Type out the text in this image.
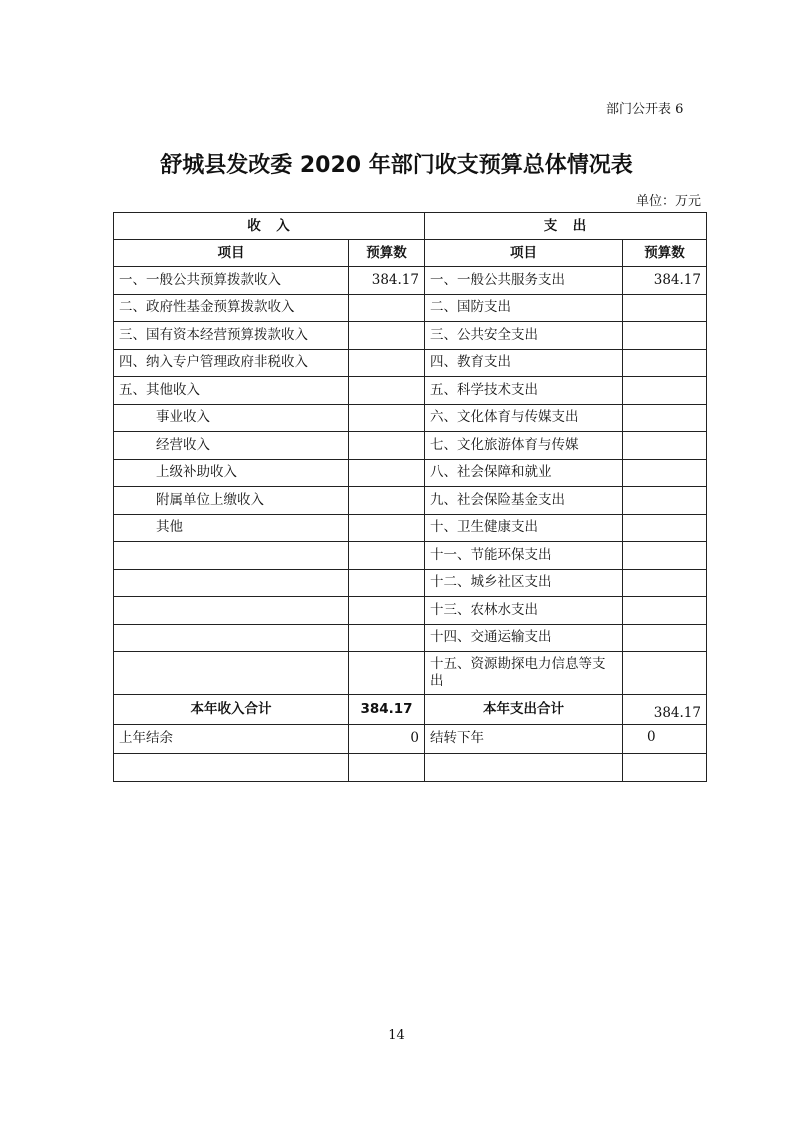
部门公开表 6
舒城县发改委 2020 年部门收支预算总体情况表
单位：万元
收　入		支　出	
项目	预算数	项目	预算数
一、一般公共预算拨款收入	384.17	一、一般公共服务支出	384.17
二、政府性基金预算拨款收入		二、国防支出	
三、国有资本经营预算拨款收入		三、公共安全支出	
四、纳入专户管理政府非税收入		四、教育支出	
五、其他收入		五、科学技术支出	
事业收入		六、文化体育与传媒支出	
经营收入		七、文化旅游体育与传媒	
上级补助收入		八、社会保障和就业	
附属单位上缴收入		九、社会保险基金支出	
其他		十、卫生健康支出	
		十一、节能环保支出	
		十二、城乡社区支出	
		十三、农林水支出	
		十四、交通运输支出	
		十五、资源勘探电力信息等支出	
本年收入合计	384.17	本年支出合计	384.17
上年结余	0	结转下年	0

14
